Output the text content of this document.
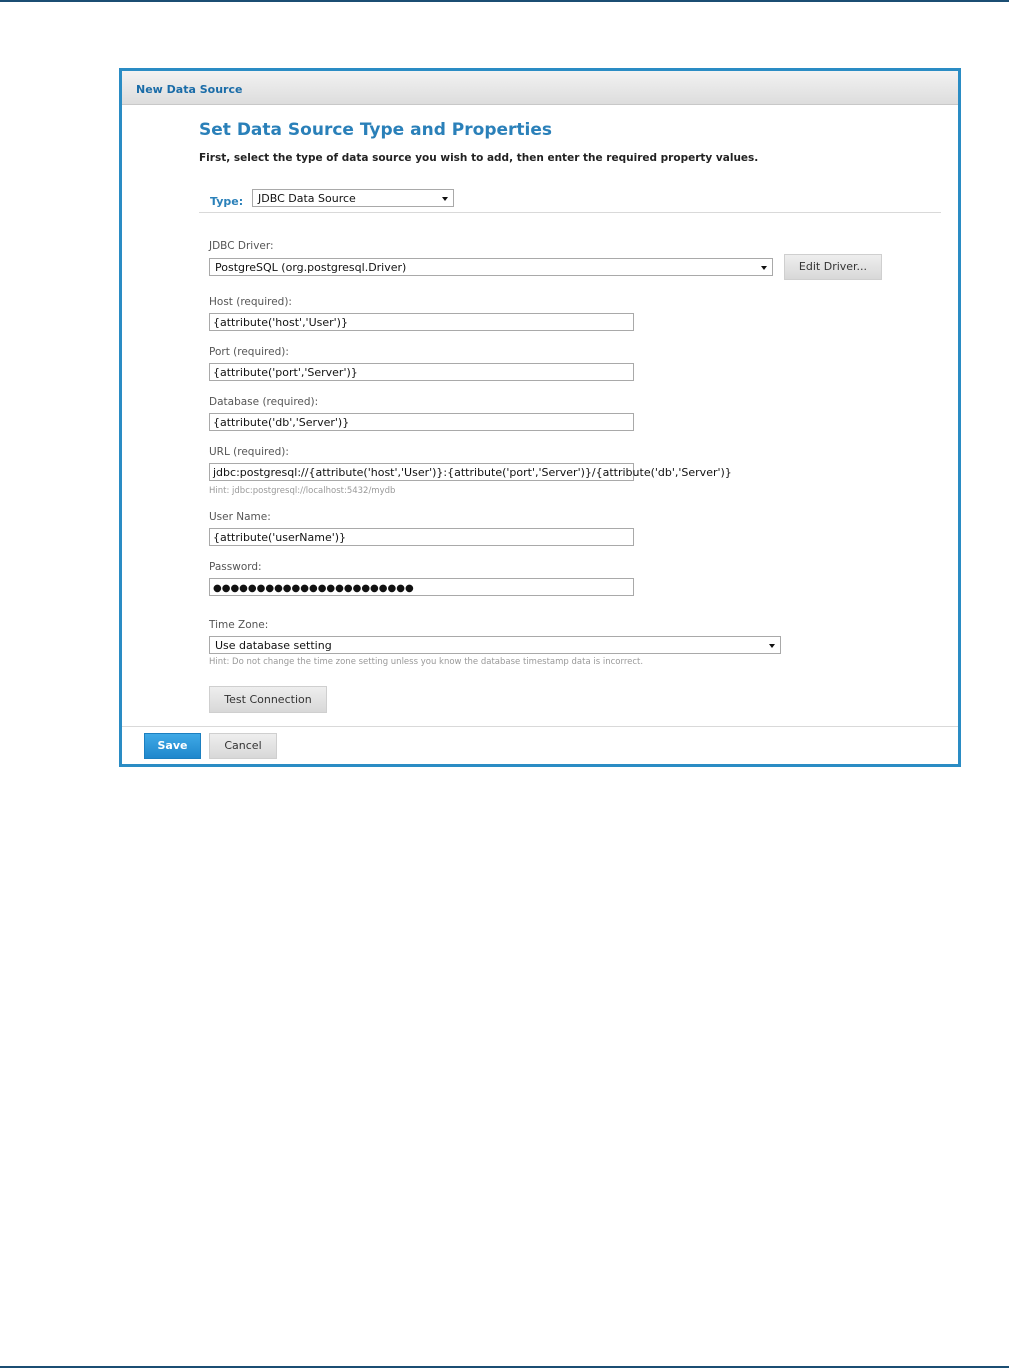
New Data Source
Set Data Source Type and Properties
First, select the type of data source you wish to add, then enter the required property values.
Type:	JDBC Data Source
JDBC Driver:
PostgreSQL (org.postgresql.Driver)	Edit Driver...
Host (required):
{attribute('host','User')}
Port (required):
{attribute('port','Server')}
Database (required):
{attribute('db','Server')}
URL (required):
jdbc:postgresql://{attribute('host','User')}:{attribute('port','Server')}/{attribute('db','Server')}
Hint: jdbc:postgresql://localhost:5432/mydb
User Name:
{attribute('userName')}
Password:
●●●●●●●●●●●●●●●●●●●●●●●
Time Zone:
Use database setting
Hint: Do not change the time zone setting unless you know the database timestamp data is incorrect.
Test Connection
Save	Cancel
